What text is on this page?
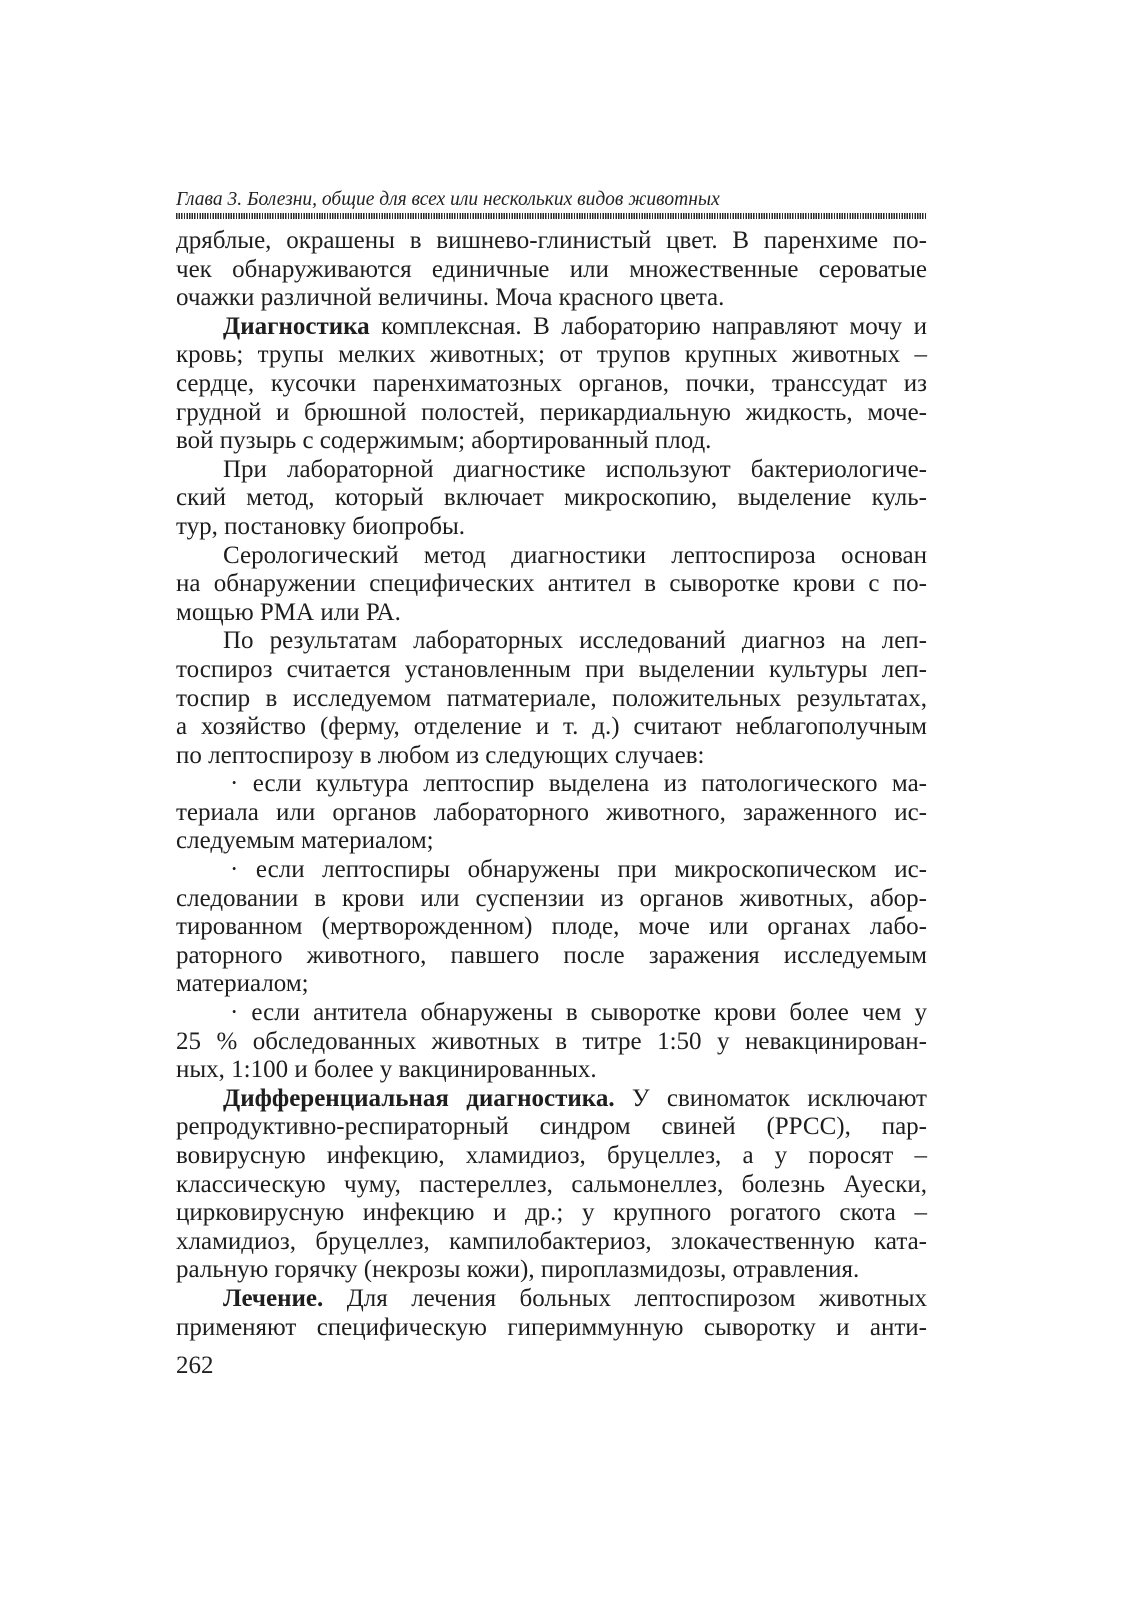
Глава 3. Болезни, общие для всех или нескольких видов животных
дряблые, окрашены в вишнево-глинистый цвет. В паренхиме по-
чек обнаруживаются единичные или множественные сероватые
очажки различной величины. Моча красного цвета.
Диагностика комплексная. В лабораторию направляют мочу и
кровь; трупы мелких животных; от трупов крупных животных –
сердце, кусочки паренхиматозных органов, почки, транссудат из
грудной и брюшной полостей, перикардиальную жидкость, моче-
вой пузырь с содержимым; абортированный плод.
При лабораторной диагностике используют бактериологиче-
ский метод, который включает микроскопию, выделение куль-
тур, постановку биопробы.
Серологический метод диагностики лептоспироза основан
на обнаружении специфических антител в сыворотке крови с по-
мощью РМА или РА.
По результатам лабораторных исследований диагноз на леп-
тоспироз считается установленным при выделении культуры леп-
тоспир в исследуемом патматериале, положительных результатах,
а хозяйство (ферму, отделение и т. д.) считают неблагополучным
по лептоспирозу в любом из следующих случаев:
· если культура лептоспир выделена из патологического ма-
териала или органов лабораторного животного, зараженного ис-
следуемым материалом;
· если лептоспиры обнаружены при микроскопическом ис-
следовании в крови или суспензии из органов животных, абор-
тированном (мертворожденном) плоде, моче или органах лабо-
раторного животного, павшего после заражения исследуемым
материалом;
· если антитела обнаружены в сыворотке крови более чем у
25 % обследованных животных в титре 1:50 у невакцинирован-
ных, 1:100 и более у вакцинированных.
Дифференциальная диагностика. У свиноматок исключают
репродуктивно-респираторный синдром свиней (РРСС), пар-
вовирусную инфекцию, хламидиоз, бруцеллез, а у поросят –
классическую чуму, пастереллез, сальмонеллез, болезнь Ауески,
цирковирусную инфекцию и др.; у крупного рогатого скота –
хламидиоз, бруцеллез, кампилобактериоз, злокачественную ката-
ральную горячку (некрозы кожи), пироплазмидозы, отравления.
Лечение. Для лечения больных лептоспирозом животных
применяют специфическую гипериммунную сыворотку и анти-
262
